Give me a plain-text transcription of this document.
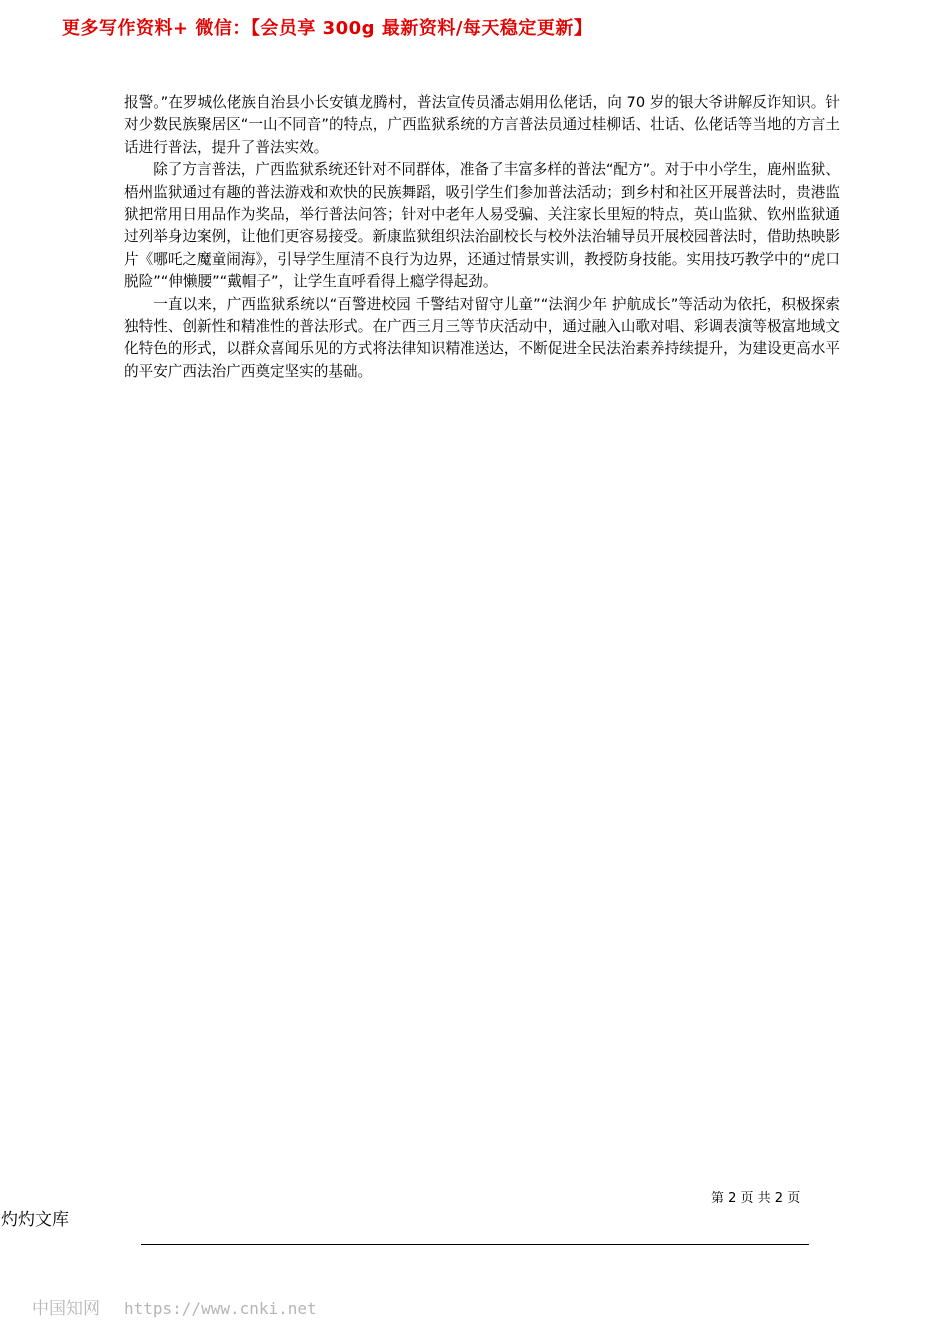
更多写作资料+ 微信：【会员享 300g 最新资料/每天稳定更新】

报警。”在罗城仫佬族自治县小长安镇龙腾村，普法宣传员潘志娟用仫佬话，向 70 岁的银大爷讲解反诈知识。针对少数民族聚居区“一山不同音”的特点，广西监狱系统的方言普法员通过桂柳话、壮话、仫佬话等当地的方言土话进行普法，提升了普法实效。

除了方言普法，广西监狱系统还针对不同群体，准备了丰富多样的普法“配方”。对于中小学生，鹿州监狱、梧州监狱通过有趣的普法游戏和欢快的民族舞蹈，吸引学生们参加普法活动；到乡村和社区开展普法时，贵港监狱把常用日用品作为奖品，举行普法问答；针对中老年人易受骗、关注家长里短的特点，英山监狱、钦州监狱通过列举身边案例，让他们更容易接受。新康监狱组织法治副校长与校外法治辅导员开展校园普法时，借助热映影片《哪吒之魔童闹海》，引导学生厘清不良行为边界，还通过情景实训，教授防身技能。实用技巧教学中的“虎口脱险”“伸懒腰”“戴帽子”，让学生直呼看得上瘾学得起劲。

一直以来，广西监狱系统以“百警进校园 千警结对留守儿童”“法润少年 护航成长”等活动为依托，积极探索独特性、创新性和精准性的普法形式。在广西三月三等节庆活动中，通过融入山歌对唱、彩调表演等极富地域文化特色的形式，以群众喜闻乐见的方式将法律知识精准送达，不断促进全民法治素养持续提升，为建设更高水平的平安广西法治广西奠定坚实的基础。

第 2 页 共 2 页
灼灼文库
中国知网 https://www.cnki.net
